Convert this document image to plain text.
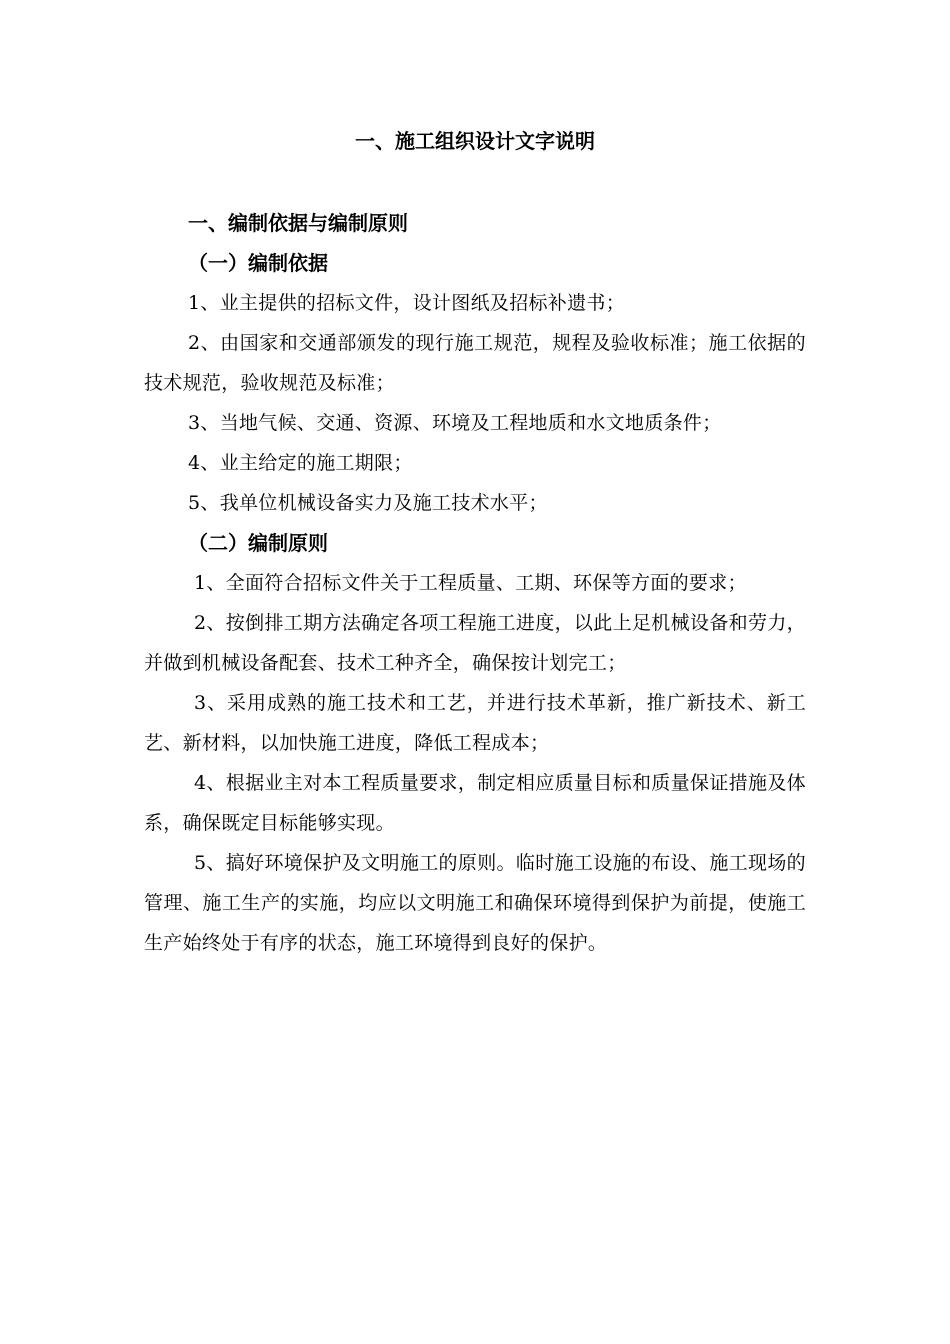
一、施工组织设计文字说明

一、编制依据与编制原则

（一）编制依据

1、业主提供的招标文件，设计图纸及招标补遗书；

2、由国家和交通部颁发的现行施工规范，规程及验收标准；施工依据的技术规范，验收规范及标准；

3、当地气候、交通、资源、环境及工程地质和水文地质条件；

4、业主给定的施工期限；

5、我单位机械设备实力及施工技术水平；

（二）编制原则

1、全面符合招标文件关于工程质量、工期、环保等方面的要求；

2、按倒排工期方法确定各项工程施工进度，以此上足机械设备和劳力，并做到机械设备配套、技术工种齐全，确保按计划完工；

3、采用成熟的施工技术和工艺，并进行技术革新，推广新技术、新工艺、新材料，以加快施工进度，降低工程成本；

4、根据业主对本工程质量要求，制定相应质量目标和质量保证措施及体系，确保既定目标能够实现。

5、搞好环境保护及文明施工的原则。临时施工设施的布设、施工现场的管理、施工生产的实施，均应以文明施工和确保环境得到保护为前提，使施工生产始终处于有序的状态，施工环境得到良好的保护。
